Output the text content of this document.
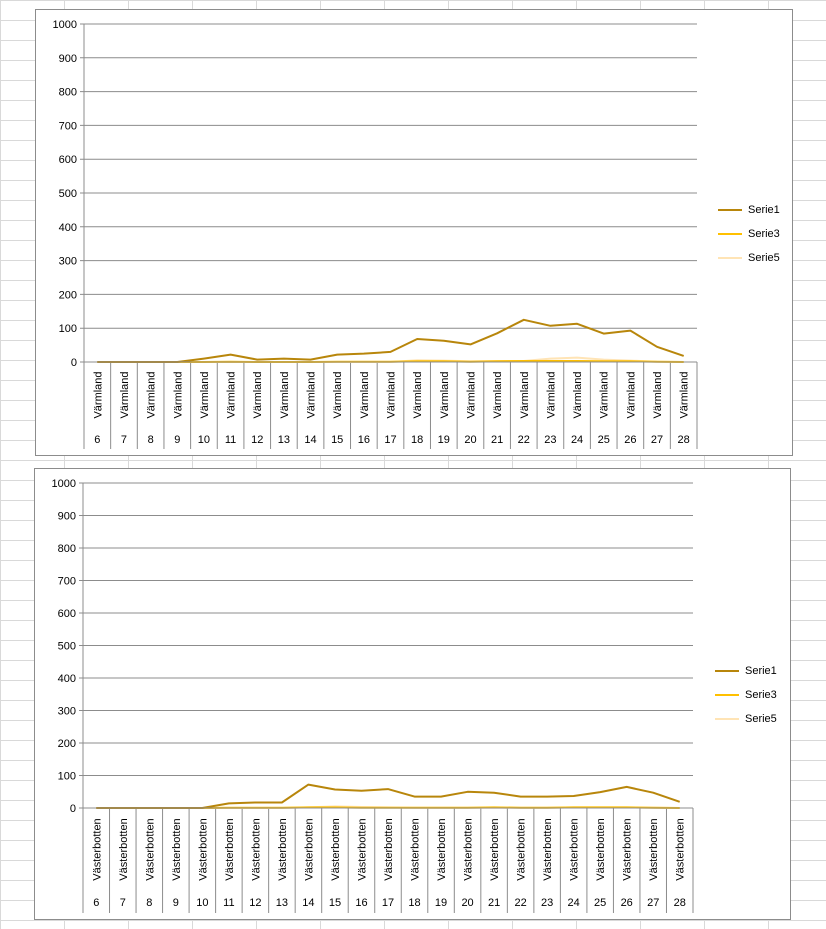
0
100
200
300
400
500
600
700
800
900
1000
Värmland
6
Värmland
7
Värmland
8
Värmland
9
Värmland
10
Värmland
11
Värmland
12
Värmland
13
Värmland
14
Värmland
15
Värmland
16
Värmland
17
Värmland
18
Värmland
19
Värmland
20
Värmland
21
Värmland
22
Värmland
23
Värmland
24
Värmland
25
Värmland
26
Värmland
27
Värmland
28
Serie1
Serie3
Serie5
0
100
200
300
400
500
600
700
800
900
1000
Västerbotten
6
Västerbotten
7
Västerbotten
8
Västerbotten
9
Västerbotten
10
Västerbotten
11
Västerbotten
12
Västerbotten
13
Västerbotten
14
Västerbotten
15
Västerbotten
16
Västerbotten
17
Västerbotten
18
Västerbotten
19
Västerbotten
20
Västerbotten
21
Västerbotten
22
Västerbotten
23
Västerbotten
24
Västerbotten
25
Västerbotten
26
Västerbotten
27
Västerbotten
28
Serie1
Serie3
Serie5
